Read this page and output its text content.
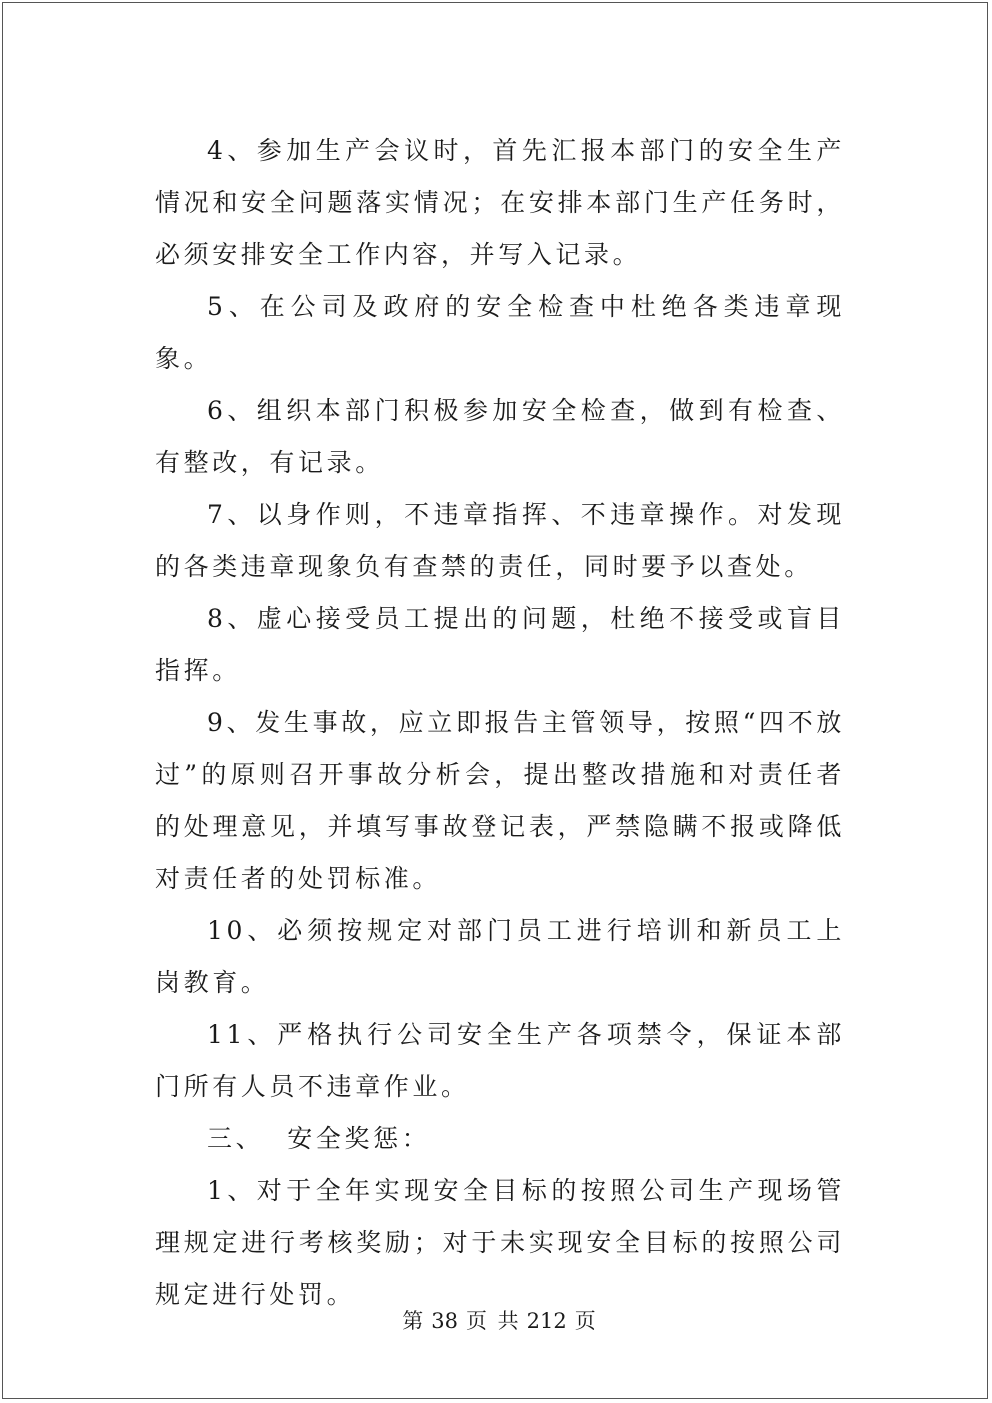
4、参加生产会议时，首先汇报本部门的安全生产情况和安全问题落实情况；在安排本部门生产任务时，必须安排安全工作内容，并写入记录。

5、在公司及政府的安全检查中杜绝各类违章现象。

6、组织本部门积极参加安全检查，做到有检查、有整改，有记录。

7、以身作则，不违章指挥、不违章操作。对发现的各类违章现象负有查禁的责任，同时要予以查处。

8、虚心接受员工提出的问题，杜绝不接受或盲目指挥。

9、发生事故，应立即报告主管领导，按照“四不放过”的原则召开事故分析会，提出整改措施和对责任者的处理意见，并填写事故登记表，严禁隐瞒不报或降低对责任者的处罚标准。

10、必须按规定对部门员工进行培训和新员工上岗教育。

11、严格执行公司安全生产各项禁令，保证本部门所有人员不违章作业。

三、  安全奖惩：

1、对于全年实现安全目标的按照公司生产现场管理规定进行考核奖励；对于未实现安全目标的按照公司规定进行处罚。

第 38 页 共 212 页
